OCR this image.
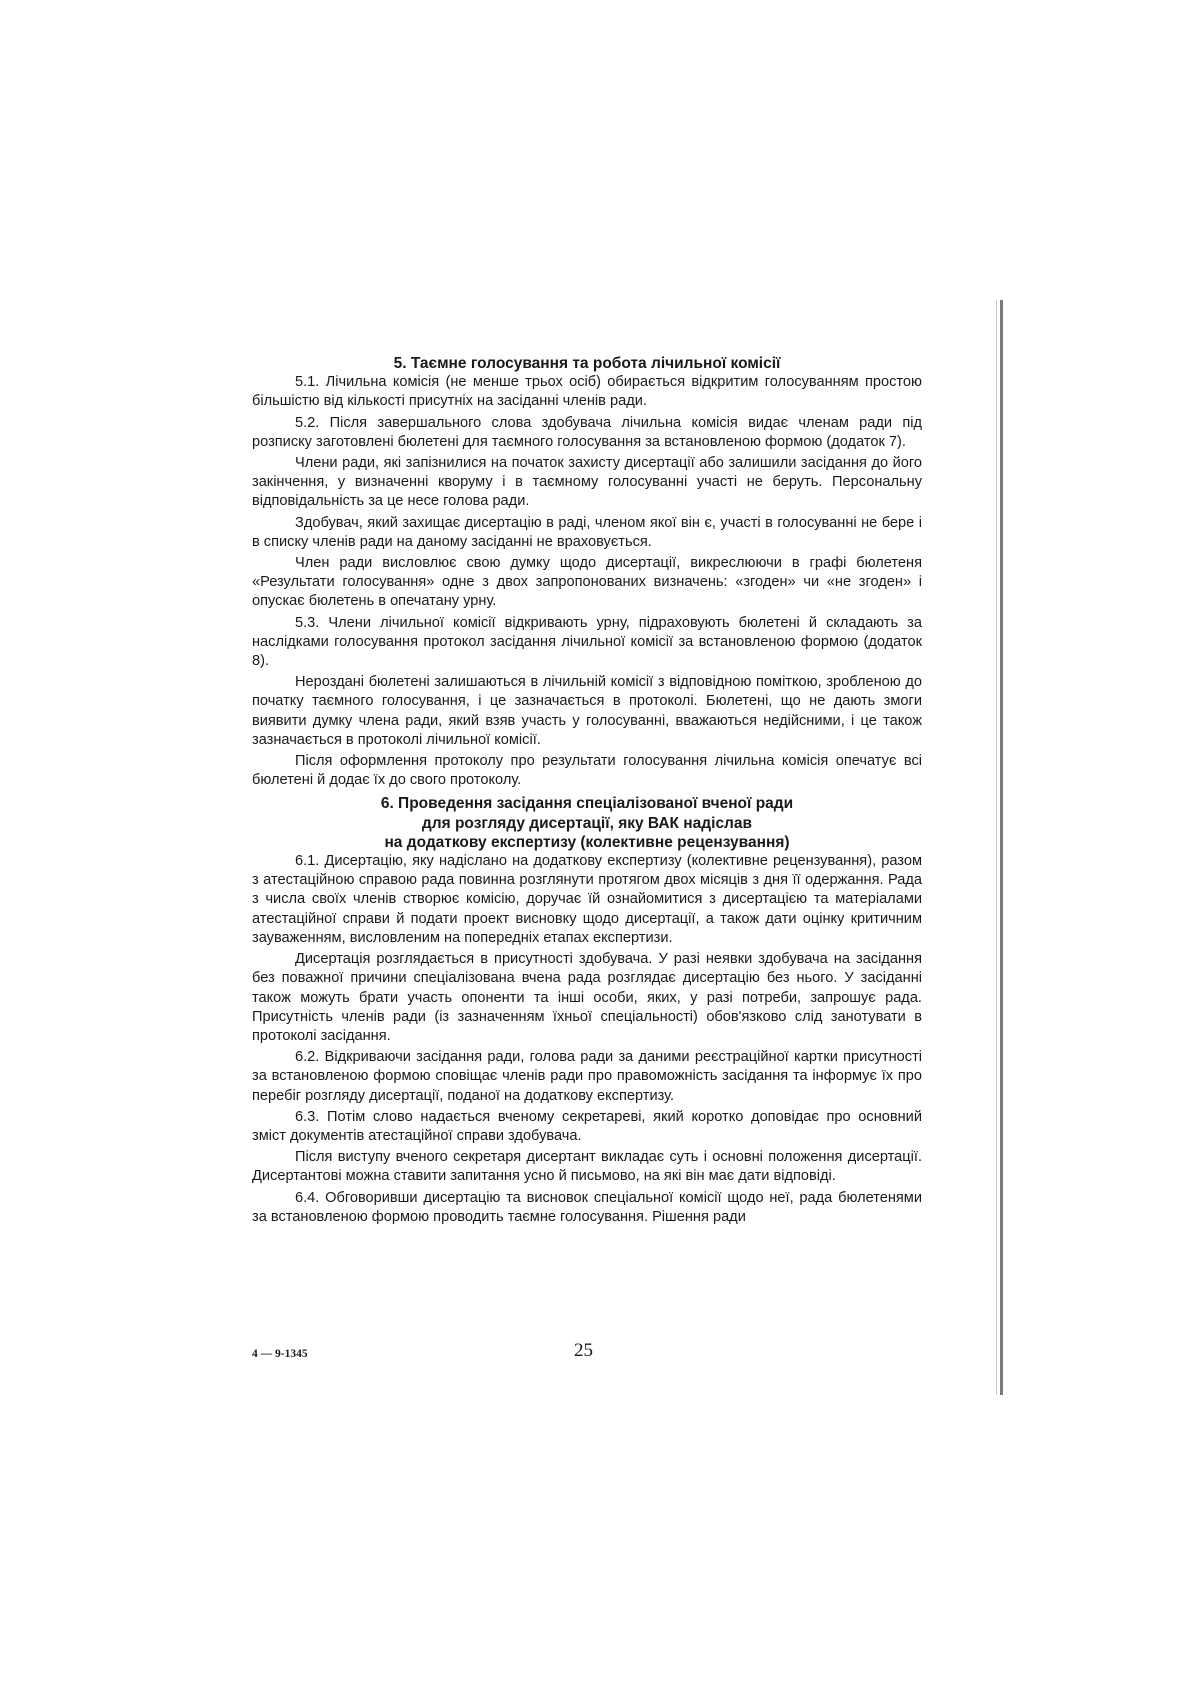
5. Таємне голосування та робота лічильної комісії

5.1. Лічильна комісія (не менше трьох осіб) обирається відкритим голосуванням простою більшістю від кількості присутніх на засіданні членів ради.

5.2. Після завершального слова здобувача лічильна комісія видає членам ради під розписку заготовлені бюлетені для таємного голосування за встановленою формою (додаток 7).

Члени ради, які запізнилися на початок захисту дисертації або залишили засідання до його закінчення, у визначенні кворуму і в таємному голосуванні участі не беруть. Персональну відповідальність за це несе голова ради.

Здобувач, який захищає дисертацію в раді, членом якої він є, участі в голосуванні не бере і в списку членів ради на даному засіданні не враховується.

Член ради висловлює свою думку щодо дисертації, викреслюючи в графі бюлетеня «Результати голосування» одне з двох запропонованих визначень: «згоден» чи «не згоден» і опускає бюлетень в опечатану урну.

5.3. Члени лічильної комісії відкривають урну, підраховують бюлетені й складають за наслідками голосування протокол засідання лічильної комісії за встановленою формою (додаток 8).

Нерозданi бюлетені залишаються в лічильній комісії з відповідною поміткою, зробленою до початку таємного голосування, і це зазначається в протоколі. Бюлетені, що не дають змоги виявити думку члена ради, який взяв участь у голосуванні, вважаються недійсними, і це також зазначається в протоколі лічильної комісії.

Після оформлення протоколу про результати голосування лічильна комісія опечатує всі бюлетені й додає їх до свого протоколу.

6. Проведення засідання спеціалізованої вченої ради
для розгляду дисертації, яку ВАК надіслав
на додаткову експертизу (колективне рецензування)

6.1. Дисертацію, яку надіслано на додаткову експертизу (колективне рецензування), разом з атестаційною справою рада повинна розглянути протягом двох місяців з дня її одержання. Рада з числа своїх членів створює комісію, доручає їй ознайомитися з дисертацією та матеріалами атестаційної справи й подати проект висновку щодо дисертації, а також дати оцінку критичним зауваженням, висловленим на попередніх етапах експертизи.

Дисертація розглядається в присутності здобувача. У разі неявки здобувача на засідання без поважної причини спеціалізована вчена рада розглядає дисертацію без нього. У засіданні також можуть брати участь опоненти та інші особи, яких, у разі потреби, запрошує рада. Присутність членів ради (із зазначенням їхньої спеціальності) обов'язково слід занотувати в протоколі засідання.

6.2. Відкриваючи засідання ради, голова ради за даними реєстраційної картки присутності за встановленою формою сповіщає членів ради про правоможність засідання та інформує їх про перебіг розгляду дисертації, поданої на додаткову експертизу.

6.3. Потім слово надається вченому секретареві, який коротко доповідає про основний зміст документів атестаційної справи здобувача.

Після виступу вченого секретаря дисертант викладає суть і основні положення дисертації. Дисертантові можна ставити запитання усно й письмово, на які він має дати відповіді.

6.4. Обговоривши дисертацію та висновок спеціальної комісії щодо неї, рада бюлетенями за встановленою формою проводить таємне голосування. Рішення ради

4 — 9-1345	25
